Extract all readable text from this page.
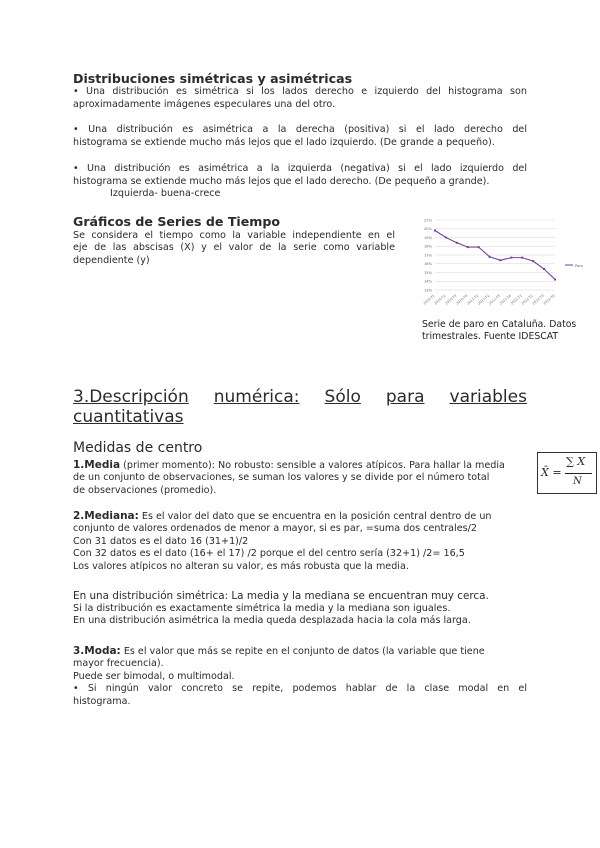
Distribuciones simétricas y asimétricas
• Una distribución es simétrica si los lados derecho e izquierdo del histograma son
aproximadamente imágenes especulares una del otro.
• Una distribución es asimétrica a la derecha (positiva) si el lado derecho del
histograma se extiende mucho más lejos que el lado izquierdo. (De grande a pequeño).
• Una distribución es asimétrica a la izquierda (negativa) si el lado izquierdo del
histograma se extiende mucho más lejos que el lado derecho. (De pequeño a grande).
Izquierda- buena-crece
Gráficos de Series de Tiempo
Se considera el tiempo como la variable independiente en el
eje de las abscisas (X) y el valor de la serie como variable
dependiente (y)
21%
20%
19%
18%
17%
16%
15%
14%
13%
2010-T1
2010-T2
2010-T3
2010-T4
2011-T1
2011-T2
2011-T3
2011-T4
2012-T1
2012-T2
2012-T3
2012-T4
Paro
Serie de paro en Cataluña. Datos
trimestrales. Fuente IDESCAT
3.Descripción numérica: Sólo para variables
cuantitativas
Medidas de centro
1.Media (primer momento): No robusto: sensible a valores atípicos. Para hallar la media
de un conjunto de observaciones, se suman los valores y se divide por el número total
de observaciones (promedio).
X̄ =
∑ X
N
2.Mediana: Es el valor del dato que se encuentra en la posición central dentro de un
conjunto de valores ordenados de menor a mayor, si es par, =suma dos centrales/2
Con 31 datos es el dato 16 (31+1)/2
Con 32 datos es el dato (16+ el 17) /2 porque el del centro sería (32+1) /2= 16,5
Los valores atípicos no alteran su valor, es más robusta que la media.
En una distribución simétrica: La media y la mediana se encuentran muy cerca.
Si la distribución es exactamente simétrica la media y la mediana son iguales.
En una distribución asimétrica la media queda desplazada hacia la cola más larga.
3.Moda: Es el valor que más se repite en el conjunto de datos (la variable que tiene
mayor frecuencia).
Puede ser bimodal, o multimodal.
• Si ningún valor concreto se repite, podemos hablar de la clase modal en el
histograma.
